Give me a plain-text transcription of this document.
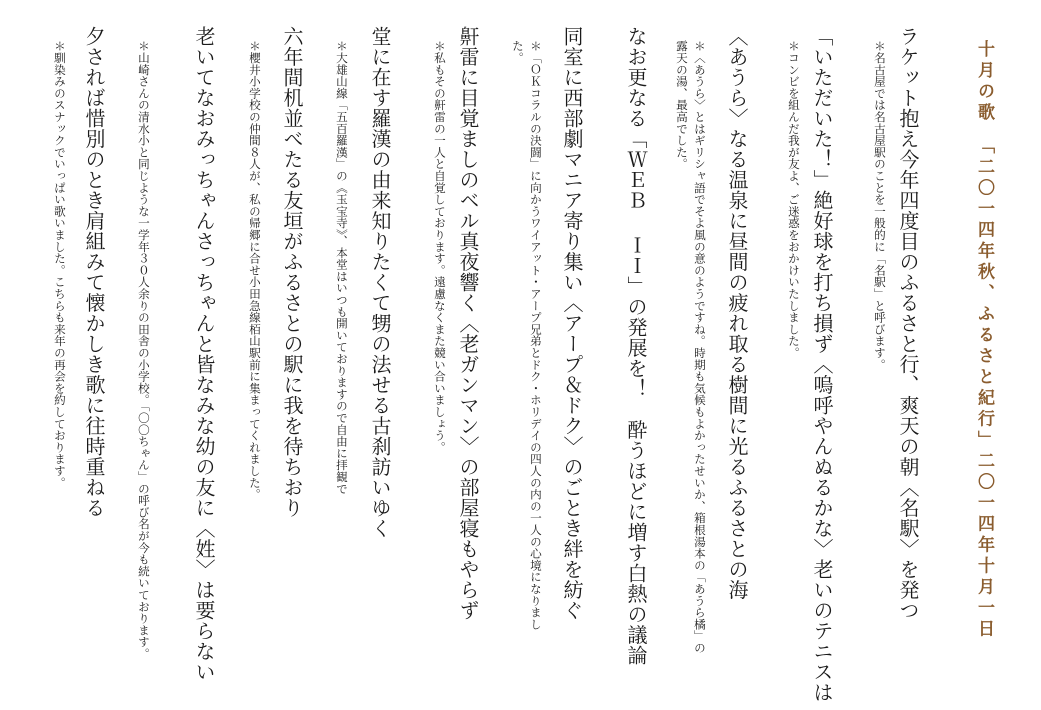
十月の歌　「二〇一四年秋、ふるさと紀行」二〇一四年十月一日
ラケット抱え今年四度目のふるさと行、爽天の朝〈名駅〉を発つ
＊名古屋では名古屋駅のことを一般的に「名駅」と呼びます。
「いただいた！」絶好球を打ち損ず〈嗚呼やんぬるかな〉老いのテニスは
＊コンビを組んだ我が友よ、ご迷惑をおかけいたしました。
〈あうら〉なる温泉に昼間の疲れ取る樹間に光るふるさとの海
＊〈あうら〉とはギリシャ語でそよ風の意のようですね。時期も気候もよかったせいか、箱根湯本の「あうら橘」の露天の湯、最高でした。
なお更なる「ＷＥＢ ＩＩ」の発展を！　酔うほどに増す白熱の議論
同室に西部劇マニア寄り集い〈アープ＆ドク〉のごとき絆を紡ぐ
＊「ＯＫコラルの決闘」に向かうワイアット・アープ兄弟とドク・ホリデイの四人の内の一人の心境になりました。
鼾雷に目覚ましのベル真夜響く〈老ガンマン〉の部屋寝もやらず
＊私もその鼾雷の一人と自覚しております。遠慮なくまた競い合いましょう。
堂に在す羅漢の由来知りたくて甥の法せる古刹訪いゆく
＊大雄山線「五百羅漢」の《玉宝寺》、本堂はいつも開いておりますので自由に拝観で
六年間机並べたる友垣がふるさとの駅に我を待ちおり
＊櫻井小学校の仲間８人が、私の帰郷に合せ小田急線栢山駅前に集まってくれました。
老いてなおみっちゃんさっちゃんと皆なみな幼の友に〈姓〉は要らない
＊山崎さんの清水小と同じような一学年３０人余りの田舎の小学校。「〇〇ちゃん」の呼び名が今も続いております。
夕されば惜別のとき肩組みて懐かしき歌に往時重ねる
＊馴染みのスナックでいっぱい歌いました。こちらも来年の再会を約しております。
